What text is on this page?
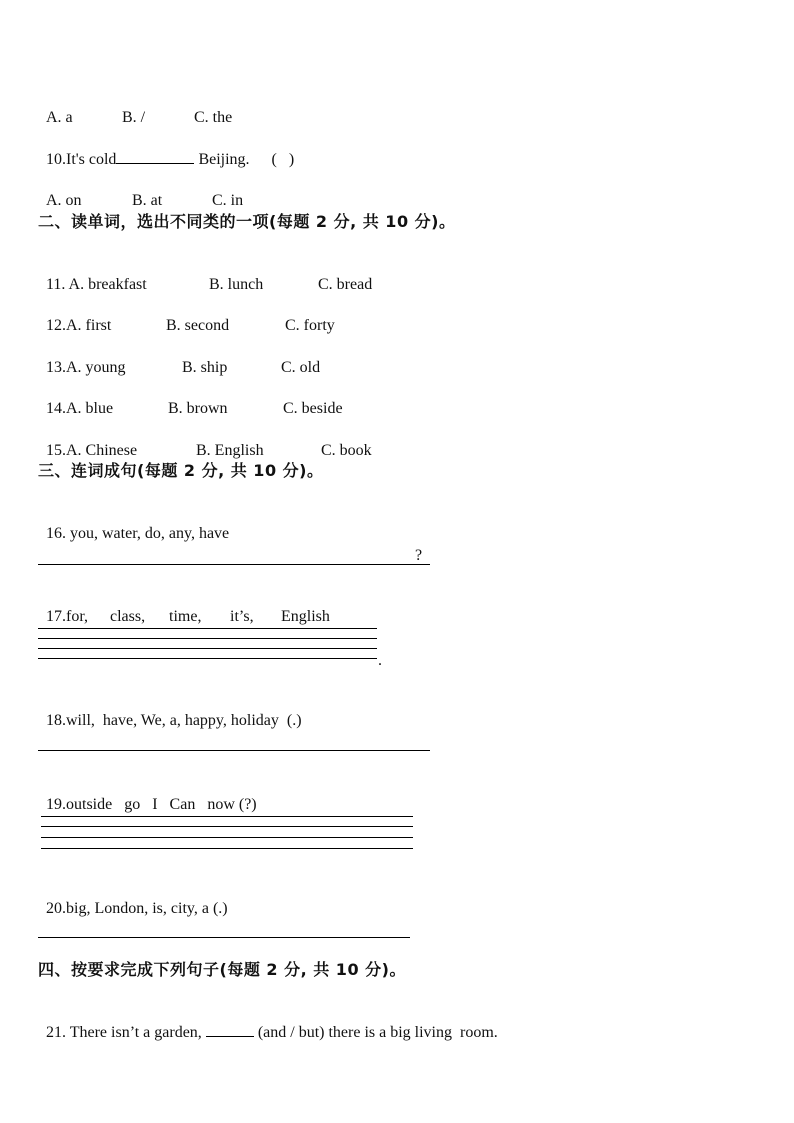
A. a	B. /	C. the

10.It's cold	Beijing. (   )

A. on	B. at	C. in

二、读单词，选出不同类的一项(每题 2 分, 共 10 分)。

11. A. breakfast	B. lunch	C. bread

12.A. first	B. second	C. forty

13.A. young	B. ship	C. old

14.A. blue	B. brown	C. beside

15.A. Chinese	B. English	C. book

三、连词成句(每题 2 分, 共 10 分)。

16. you, water, do, any, have

?

17.for, class, time, it’s, English

.

18.will,  have, We, a, happy, holiday  (.)

19.outside   go   I   Can   now (?)

20.big, London, is, city, a (.)

四、按要求完成下列句子(每题 2 分, 共 10 分)。

21. There isn’t a garden,	(and / but) there is a big living  room.
